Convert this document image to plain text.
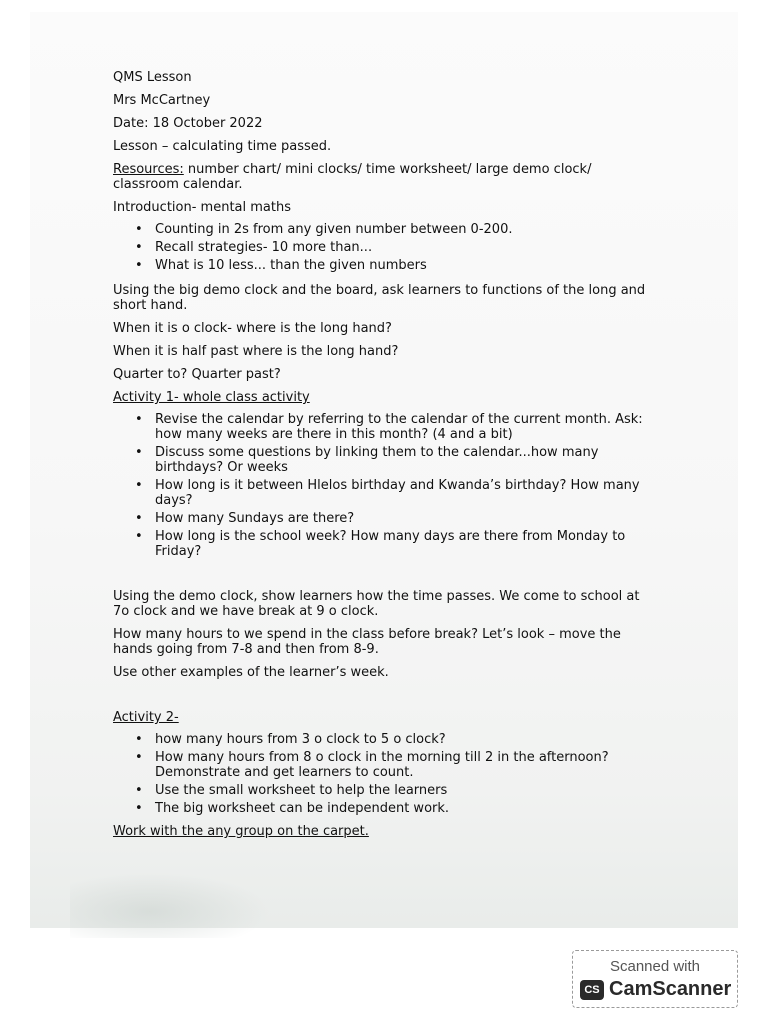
QMS Lesson

Mrs McCartney

Date: 18 October 2022

Lesson – calculating time passed.

Resources: number chart/ mini clocks/ time worksheet/ large demo clock/ classroom calendar.

Introduction- mental maths

• Counting in 2s from any given number between 0-200.
• Recall strategies- 10 more than...
• What is 10 less... than the given numbers

Using the big demo clock and the board, ask learners to functions of the long and short hand.

When it is o clock- where is the long hand?

When it is half past where is the long hand?

Quarter to? Quarter past?

Activity 1- whole class activity

• Revise the calendar by referring to the calendar of the current month. Ask: how many weeks are there in this month? (4 and a bit)
• Discuss some questions by linking them to the calendar...how many birthdays? Or weeks
• How long is it between Hlelos birthday and Kwanda’s birthday? How many days?
• How many Sundays are there?
• How long is the school week? How many days are there from Monday to Friday?

Using the demo clock, show learners how the time passes. We come to school at 7o clock and we have break at 9 o clock.

How many hours to we spend in the class before break? Let’s look – move the hands going from 7-8 and then from 8-9.

Use other examples of the learner’s week.

Activity 2-

• how many hours from 3 o clock to 5 o clock?
• How many hours from 8 o clock in the morning till 2 in the afternoon? Demonstrate and get learners to count.
• Use the small worksheet to help the learners
• The big worksheet can be independent work.

Work with the any group on the carpet.

Scanned with
CS CamScanner
